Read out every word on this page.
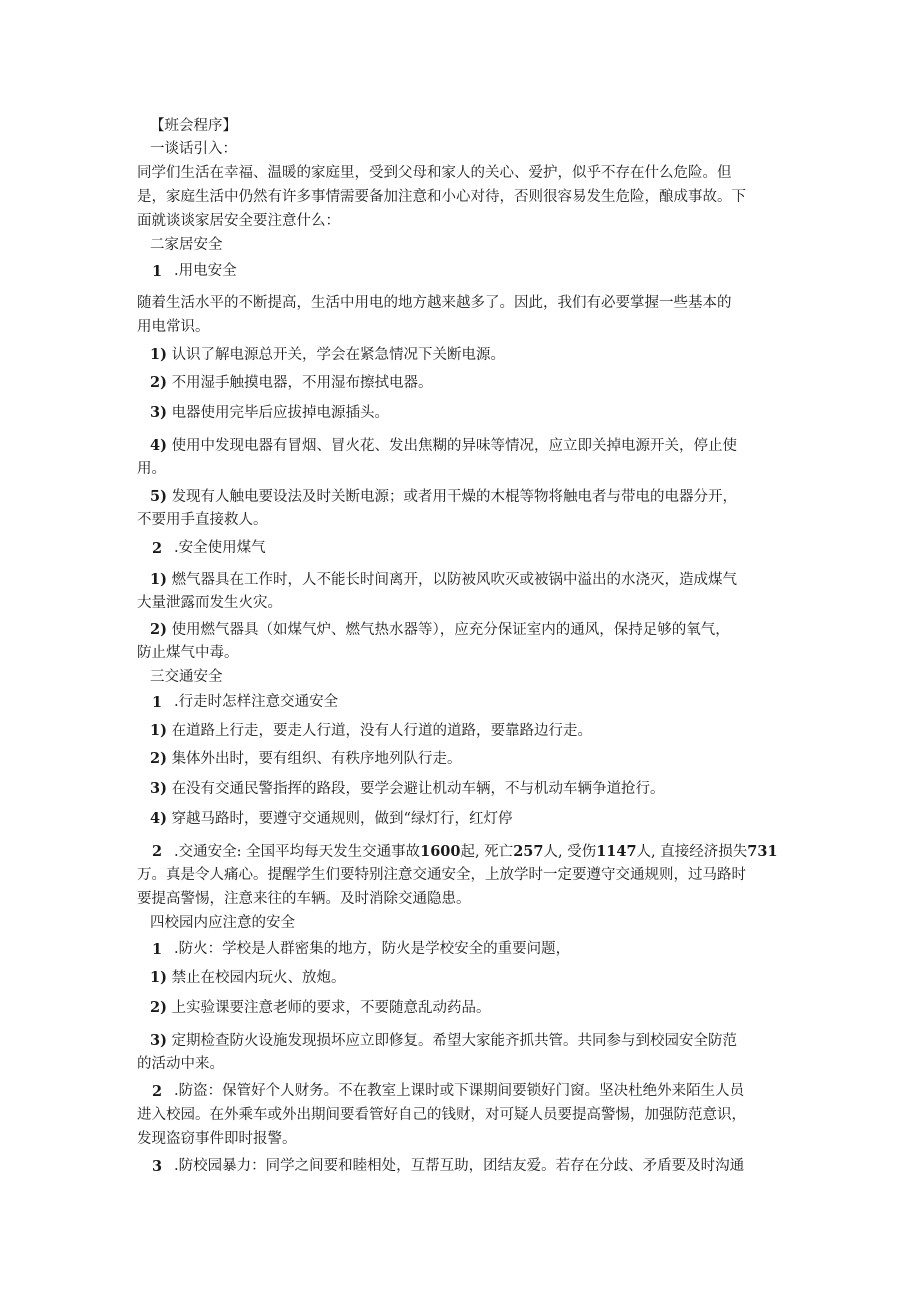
【班会程序】
一谈话引入：
同学们生活在幸福、温暖的家庭里，受到父母和家人的关心、爱护，似乎不存在什么危险。但
是，家庭生活中仍然有许多事情需要备加注意和小心对待，否则很容易发生危险，酿成事故。下
面就谈谈家居安全要注意什么：
二家居安全
1 .用电安全
随着生活水平的不断提高，生活中用电的地方越来越多了。因此，我们有必要掌握一些基本的
用电常识。
1) 认识了解电源总开关，学会在紧急情况下关断电源。
2) 不用湿手触摸电器，不用湿布擦拭电器。
3) 电器使用完毕后应拔掉电源插头。
4) 使用中发现电器有冒烟、冒火花、发出焦糊的异味等情况，应立即关掉电源开关，停止使
用。
5) 发现有人触电要设法及时关断电源；或者用干燥的木棍等物将触电者与带电的电器分开，
不要用手直接救人。
2 .安全使用煤气
1) 燃气器具在工作时，人不能长时间离开，以防被风吹灭或被锅中溢出的水浇灭，造成煤气
大量泄露而发生火灾。
2) 使用燃气器具（如煤气炉、燃气热水器等），应充分保证室内的通风，保持足够的氧气，
防止煤气中毒。
三交通安全
1 .行走时怎样注意交通安全
1) 在道路上行走，要走人行道，没有人行道的道路，要靠路边行走。
2) 集体外出时，要有组织、有秩序地列队行走。
3) 在没有交通民警指挥的路段，要学会避让机动车辆，不与机动车辆争道抢行。
4) 穿越马路时，要遵守交通规则，做到“绿灯行，红灯停
2 .交通安全: 全国平均每天发生交通事故1600起, 死亡257人, 受伤1147人, 直接经济损失731
万。真是令人痛心。提醒学生们要特别注意交通安全，上放学时一定要遵守交通规则，过马路时
要提高警惕，注意来往的车辆。及时消除交通隐患。
四校园内应注意的安全
1 .防火：学校是人群密集的地方，防火是学校安全的重要问题，
1) 禁止在校园内玩火、放炮。
2) 上实验课要注意老师的要求，不要随意乱动药品。
3) 定期检查防火设施发现损坏应立即修复。希望大家能齐抓共管。共同参与到校园安全防范
的活动中来。
2 .防盗：保管好个人财务。不在教室上课时或下课期间要锁好门窗。坚决杜绝外来陌生人员
进入校园。在外乘车或外出期间要看管好自己的钱财，对可疑人员要提高警惕，加强防范意识，
发现盗窃事件即时报警。
3 .防校园暴力：同学之间要和睦相处，互帮互助，团结友爱。若存在分歧、矛盾要及时沟通
